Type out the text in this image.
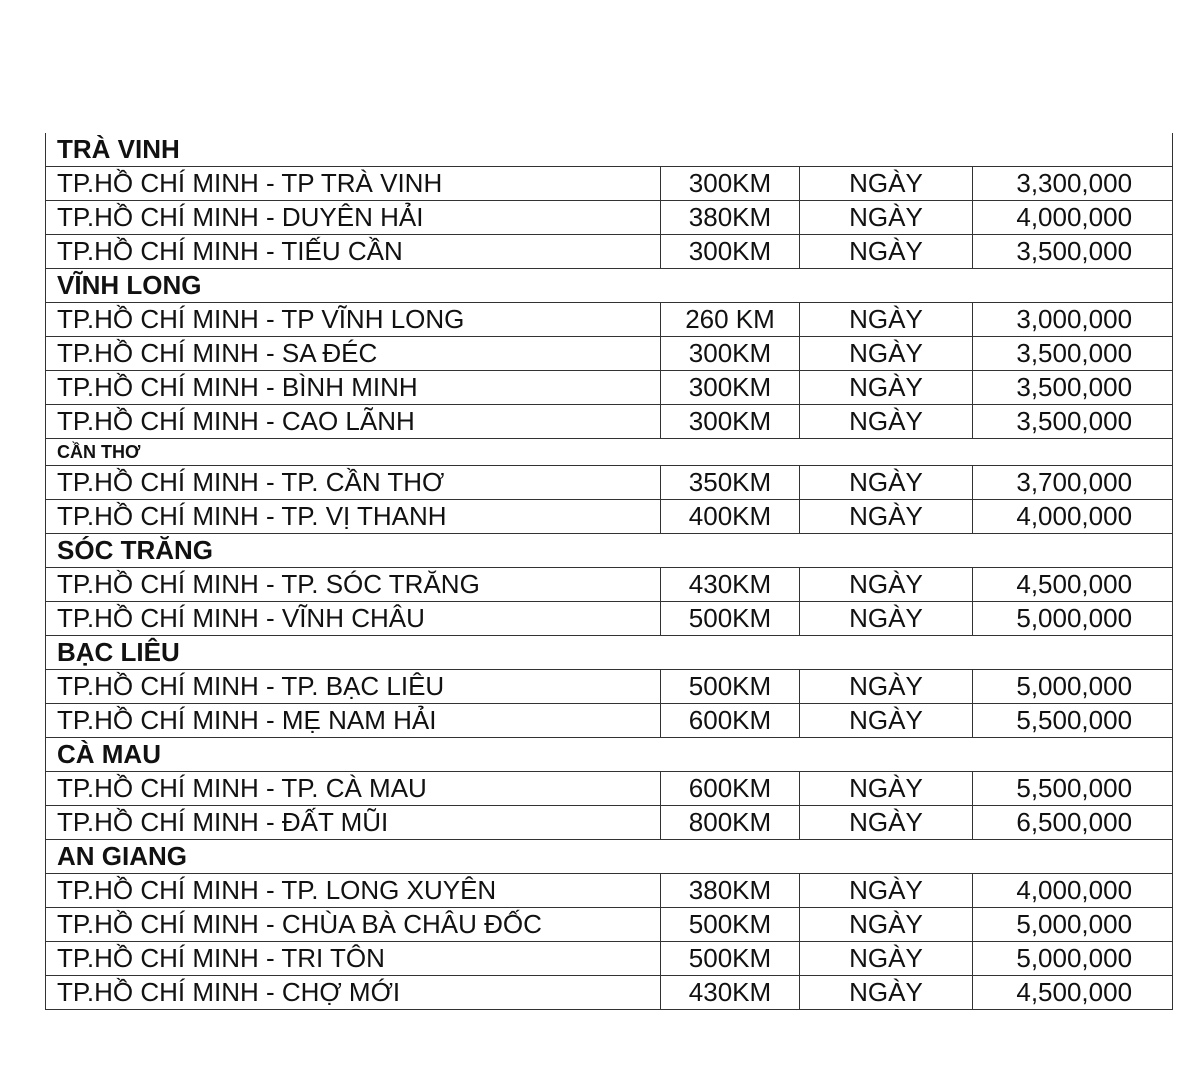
TRÀ VINH			
TP.HỒ CHÍ MINH - TP TRÀ VINH	300KM	NGÀY	3,300,000
TP.HỒ CHÍ MINH - DUYÊN HẢI	380KM	NGÀY	4,000,000
TP.HỒ CHÍ MINH - TIẾU CẦN	300KM	NGÀY	3,500,000
VĨNH LONG			
TP.HỒ CHÍ MINH - TP VĨNH LONG	260 KM	NGÀY	3,000,000
TP.HỒ CHÍ MINH - SA ĐÉC	300KM	NGÀY	3,500,000
TP.HỒ CHÍ MINH - BÌNH MINH	300KM	NGÀY	3,500,000
TP.HỒ CHÍ MINH - CAO LÃNH	300KM	NGÀY	3,500,000
CẦN THƠ			
TP.HỒ CHÍ MINH - TP. CẦN THƠ	350KM	NGÀY	3,700,000
TP.HỒ CHÍ MINH - TP. VỊ THANH	400KM	NGÀY	4,000,000
SÓC TRĂNG			
TP.HỒ CHÍ MINH - TP. SÓC TRĂNG	430KM	NGÀY	4,500,000
TP.HỒ CHÍ MINH - VĨNH CHÂU	500KM	NGÀY	5,000,000
BẠC LIÊU			
TP.HỒ CHÍ MINH - TP. BẠC LIÊU	500KM	NGÀY	5,000,000
TP.HỒ CHÍ MINH - MẸ NAM HẢI	600KM	NGÀY	5,500,000
CÀ MAU			
TP.HỒ CHÍ MINH - TP. CÀ MAU	600KM	NGÀY	5,500,000
TP.HỒ CHÍ MINH - ĐẤT MŨI	800KM	NGÀY	6,500,000
AN GIANG			
TP.HỒ CHÍ MINH - TP. LONG XUYÊN	380KM	NGÀY	4,000,000
TP.HỒ CHÍ MINH - CHÙA BÀ CHÂU ĐỐC	500KM	NGÀY	5,000,000
TP.HỒ CHÍ MINH - TRI TÔN	500KM	NGÀY	5,000,000
TP.HỒ CHÍ MINH - CHỢ MỚI	430KM	NGÀY	4,500,000
